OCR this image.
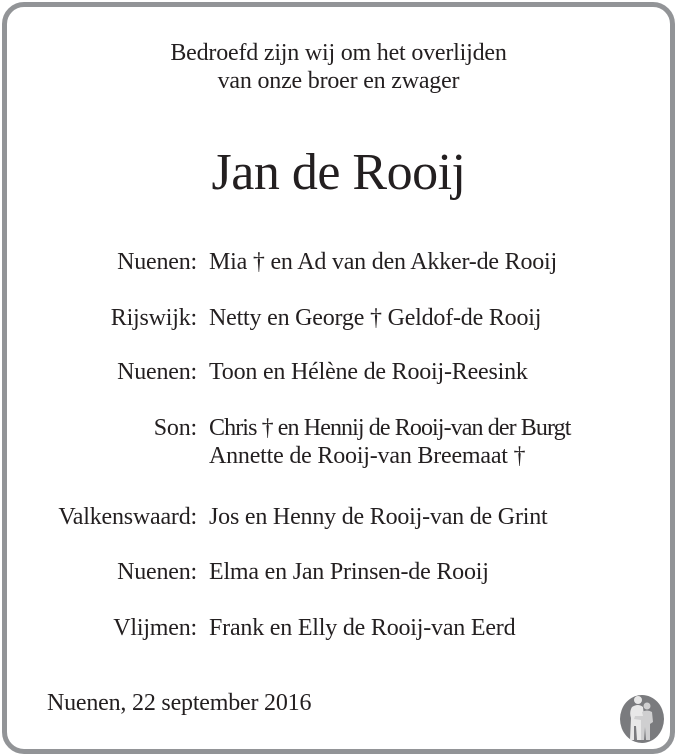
Bedroefd zijn wij om het overlijden
van onze broer en zwager
Jan de Rooij
Nuenen: Mia † en Ad van den Akker-de Rooij
Rijswijk: Netty en George † Geldof-de Rooij
Nuenen: Toon en Hélène de Rooij-Reesink
Son: Chris † en Hennij de Rooij-van der Burgt
Annette de Rooij-van Breemaat †
Valkenswaard: Jos en Henny de Rooij-van de Grint
Nuenen: Elma en Jan Prinsen-de Rooij
Vlijmen: Frank en Elly de Rooij-van Eerd
Nuenen, 22 september 2016
